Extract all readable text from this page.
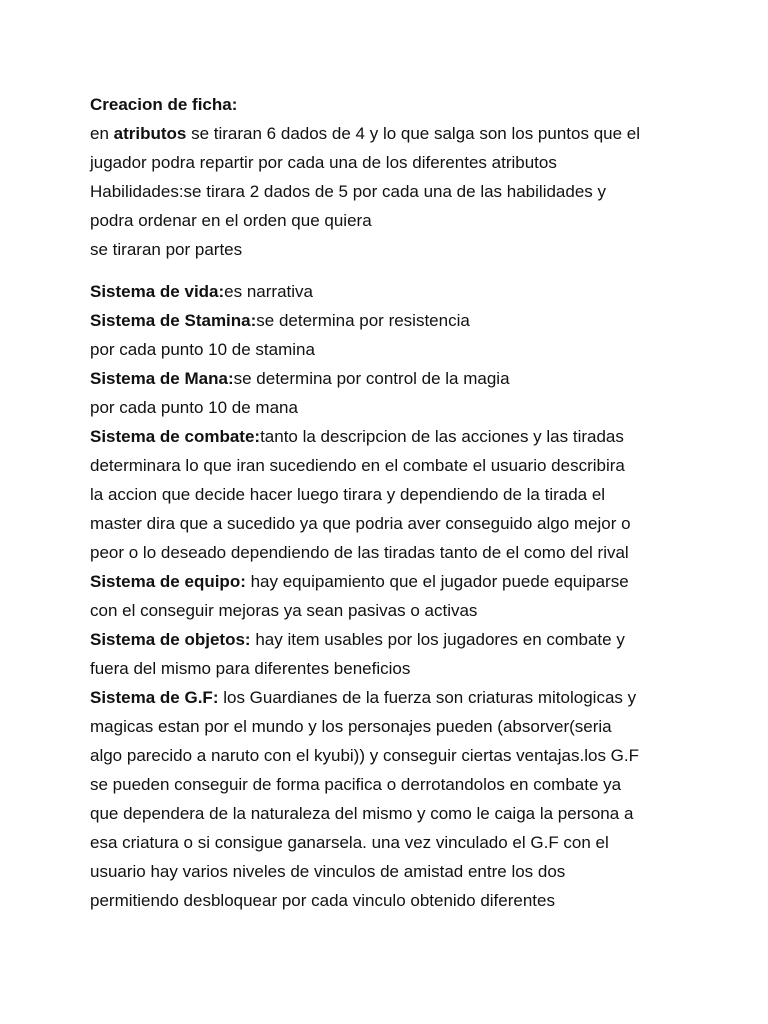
Creacion de ficha:
en atributos se tiraran 6 dados de 4 y lo que salga son los puntos que el
jugador podra repartir por cada una de los diferentes atributos
Habilidades:se tirara 2 dados de 5 por cada una de las habilidades y
podra ordenar en el orden que quiera
se tiraran por partes
Sistema de vida:es narrativa
Sistema de Stamina:se determina por resistencia
por cada punto 10 de stamina
Sistema de Mana:se determina por control de la magia
por cada punto 10 de mana
Sistema de combate:tanto la descripcion de las acciones y las tiradas
determinara lo que iran sucediendo en el combate el usuario describira
la accion que decide hacer luego tirara y dependiendo de la tirada el
master dira que a sucedido ya que podria aver conseguido algo mejor o
peor o lo deseado dependiendo de las tiradas tanto de el como del rival
Sistema de equipo: hay equipamiento que el jugador puede equiparse
con el conseguir mejoras ya sean pasivas o activas
Sistema de objetos: hay item usables por los jugadores en combate y
fuera del mismo para diferentes beneficios
Sistema de G.F: los Guardianes de la fuerza son criaturas mitologicas y
magicas estan por el mundo y los personajes pueden (absorver(seria
algo parecido a naruto con el kyubi)) y conseguir ciertas ventajas.los G.F
se pueden conseguir de forma pacifica o derrotandolos en combate ya
que dependera de la naturaleza del mismo y como le caiga la persona a
esa criatura o si consigue ganarsela. una vez vinculado el G.F con el
usuario hay varios niveles de vinculos de amistad entre los dos
permitiendo desbloquear por cada vinculo obtenido diferentes
